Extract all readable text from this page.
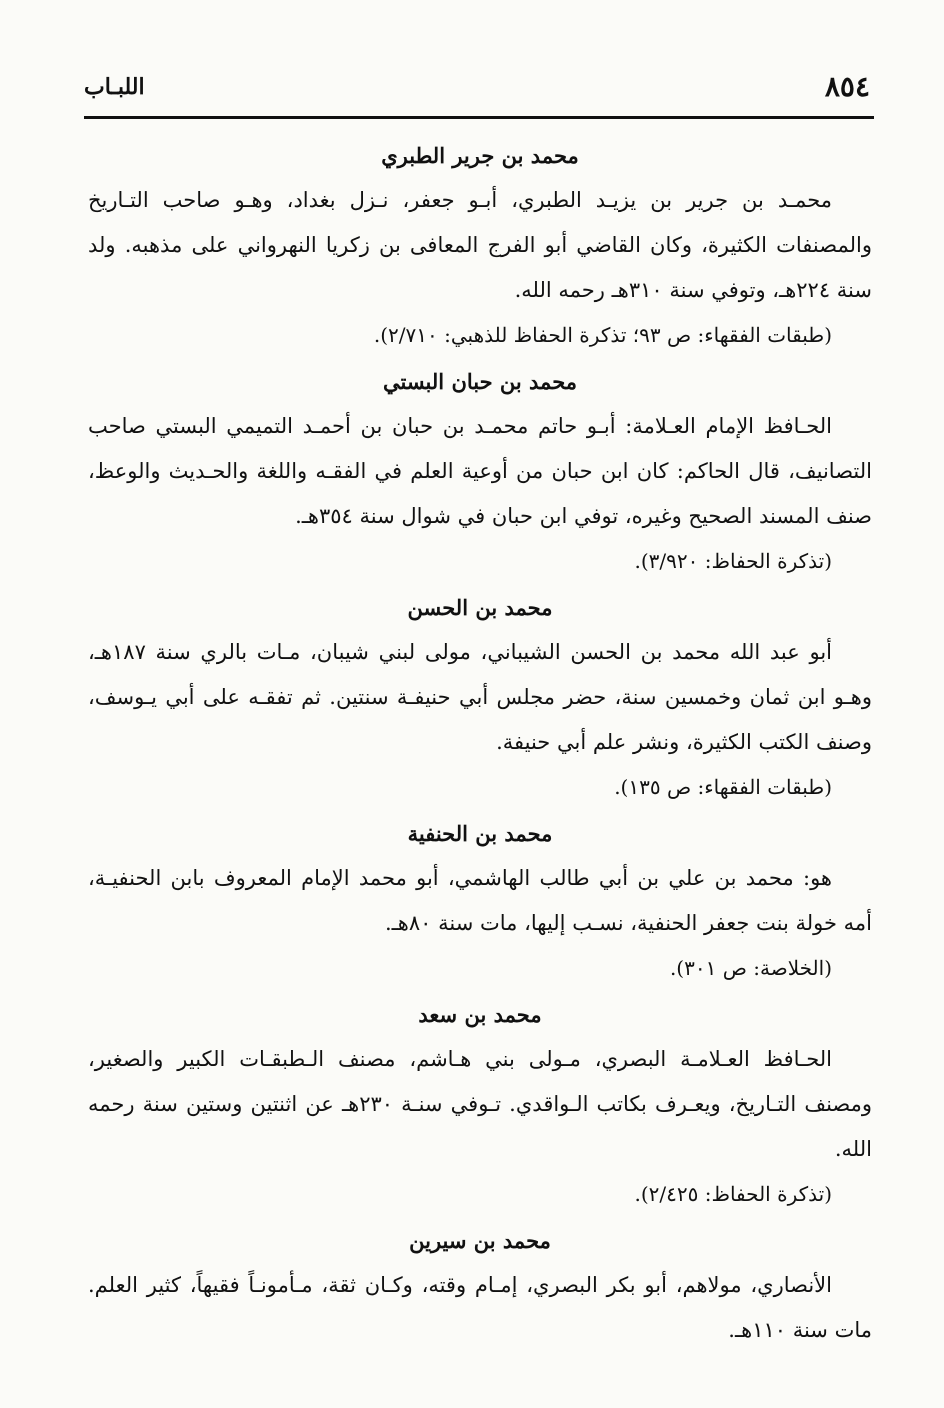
٨٥٤
اللبـاب
محمد بن جرير الطبري

محمـد بن جرير بن يزيـد الطبري، أبـو جعفر، نـزل بغداد، وهـو صاحب التـاريخ والمصنفات الكثيرة، وكان القاضي أبو الفرج المعافى بن زكريا النهرواني على مذهبه. ولد سنة ٢٢٤هـ، وتوفي سنة ٣١٠هـ رحمه الله.

(طبقات الفقهاء: ص ٩٣؛ تذكرة الحفاظ للذهبي: ٢/٧١٠).

محمد بن حبان البستي

الحـافظ الإمام العـلامة: أبـو حاتم محمـد بن حبان بن أحمـد التميمي البستي صاحب التصانيف، قال الحاكم: كان ابن حبان من أوعية العلم في الفقـه واللغة والحـديث والوعظ، صنف المسند الصحيح وغيره، توفي ابن حبان في شوال سنة ٣٥٤هـ.

(تذكرة الحفاظ: ٣/٩٢٠).

محمد بن الحسن

أبو عبد الله محمد بن الحسن الشيباني، مولى لبني شيبان، مـات بالري سنة ١٨٧هـ، وهـو ابن ثمان وخمسين سنة، حضر مجلس أبي حنيفـة سنتين. ثم تفقـه على أبي يـوسف، وصنف الكتب الكثيرة، ونشر علم أبي حنيفة.

(طبقات الفقهاء: ص ١٣٥).

محمد بن الحنفية

هو: محمد بن علي بن أبي طالب الهاشمي، أبو محمد الإمام المعروف بابن الحنفيـة، أمه خولة بنت جعفر الحنفية، نسـب إليها، مات سنة ٨٠هـ.

(الخلاصة: ص ٣٠١).

محمد بن سعد

الحـافظ العـلامـة البصري، مـولى بني هـاشم، مصنف الـطبقـات الكبير والصغير، ومصنف التـاريخ، ويعـرف بكاتب الـواقدي. تـوفي سنـة ٢٣٠هـ عن اثنتين وستين سنة رحمه الله.

(تذكرة الحفاظ: ٢/٤٢٥).

محمد بن سيرين

الأنصاري، مولاهم، أبو بكر البصري، إمـام وقته، وكـان ثقة، مـأمونـاً فقيهاً، كثير العلم. مات سنة ١١٠هـ.
